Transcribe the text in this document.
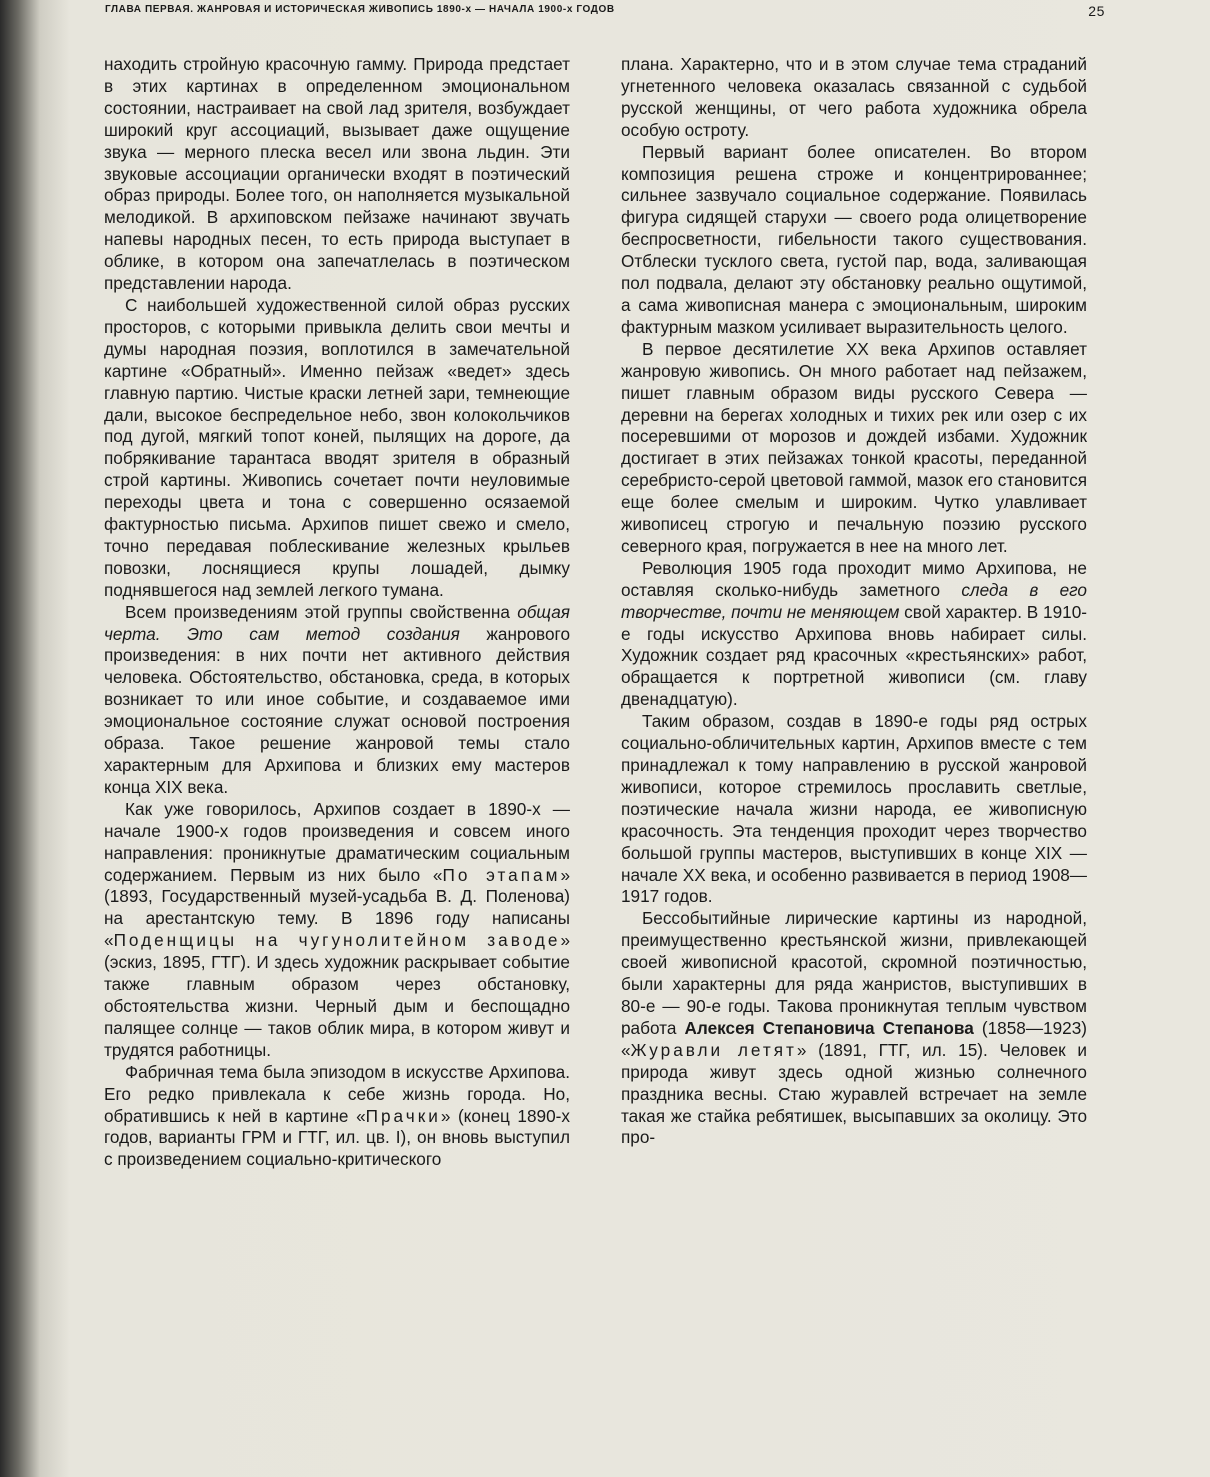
ГЛАВА ПЕРВАЯ. ЖАНРОВАЯ И ИСТОРИЧЕСКАЯ ЖИВОПИСЬ 1890-х — НАЧАЛА 1900-х ГОДОВ	25

находить стройную красочную гамму. Природа предстает в этих картинах в определенном эмоциональном состоянии, настраивает на свой лад зрителя, возбуждает широкий круг ассоциаций, вызывает даже ощущение звука — мерного плеска весел или звона льдин. Эти звуковые ассоциации органически входят в поэтический образ природы. Более того, он наполняется музыкальной мелодикой. В архиповском пейзаже начинают звучать напевы народных песен, то есть природа выступает в облике, в котором она запечатлелась в поэтическом представлении народа.

С наибольшей художественной силой образ русских просторов, с которыми привыкла делить свои мечты и думы народная поэзия, воплотился в замечательной картине «Обратный». Именно пейзаж «ведет» здесь главную партию. Чистые краски летней зари, темнеющие дали, высокое беспредельное небо, звон колокольчиков под дугой, мягкий топот коней, пылящих на дороге, да побрякивание тарантаса вводят зрителя в образный строй картины. Живопись сочетает почти неуловимые переходы цвета и тона с совершенно осязаемой фактурностью письма. Архипов пишет свежо и смело, точно передавая поблескивание железных крыльев повозки, лоснящиеся крупы лошадей, дымку поднявшегося над землей легкого тумана.

Всем произведениям этой группы свойственна общая черта. Это сам метод создания жанрового произведения: в них почти нет активного действия человека. Обстоятельство, обстановка, среда, в которых возникает то или иное событие, и создаваемое ими эмоциональное состояние служат основой построения образа. Такое решение жанровой темы стало характерным для Архипова и близких ему мастеров конца XIX века.

Как уже говорилось, Архипов создает в 1890-х — начале 1900-х годов произведения и совсем иного направления: проникнутые драматическим социальным содержанием. Первым из них было «По этапам» (1893, Государственный музей-усадьба В. Д. Поленова) на арестантскую тему. В 1896 году написаны «Поденщицы на чугунолитейном заводе» (эскиз, 1895, ГТГ). И здесь художник раскрывает событие также главным образом через обстановку, обстоятельства жизни. Черный дым и беспощадно палящее солнце — таков облик мира, в котором живут и трудятся работницы.

Фабричная тема была эпизодом в искусстве Архипова. Его редко привлекала к себе жизнь города. Но, обратившись к ней в картине «Прачки» (конец 1890-х годов, варианты ГРМ и ГТГ, ил. цв. I), он вновь выступил с произведением социально-критического

плана. Характерно, что и в этом случае тема страданий угнетенного человека оказалась связанной с судьбой русской женщины, от чего работа художника обрела особую остроту.

Первый вариант более описателен. Во втором композиция решена строже и концентрированнее; сильнее зазвучало социальное содержание. Появилась фигура сидящей старухи — своего рода олицетворение беспросветности, гибельности такого существования. Отблески тусклого света, густой пар, вода, заливающая пол подвала, делают эту обстановку реально ощутимой, а сама живописная манера с эмоциональным, широким фактурным мазком усиливает выразительность целого.

В первое десятилетие XX века Архипов оставляет жанровую живопись. Он много работает над пейзажем, пишет главным образом виды русского Севера — деревни на берегах холодных и тихих рек или озер с их посеревшими от морозов и дождей избами. Художник достигает в этих пейзажах тонкой красоты, переданной серебристо-серой цветовой гаммой, мазок его становится еще более смелым и широким. Чутко улавливает живописец строгую и печальную поэзию русского северного края, погружается в нее на много лет.

Революция 1905 года проходит мимо Архипова, не оставляя сколько-нибудь заметного следа в его творчестве, почти не меняющем свой характер. В 1910-е годы искусство Архипова вновь набирает силы. Художник создает ряд красочных «крестьянских» работ, обращается к портретной живописи (см. главу двенадцатую).

Таким образом, создав в 1890-е годы ряд острых социально-обличительных картин, Архипов вместе с тем принадлежал к тому направлению в русской жанровой живописи, которое стремилось прославить светлые, поэтические начала жизни народа, ее живописную красочность. Эта тенденция проходит через творчество большой группы мастеров, выступивших в конце XIX — начале XX века, и особенно развивается в период 1908—1917 годов.

Бессобытийные лирические картины из народной, преимущественно крестьянской жизни, привлекающей своей живописной красотой, скромной поэтичностью, были характерны для ряда жанристов, выступивших в 80-е — 90-е годы. Такова проникнутая теплым чувством работа Алексея Степановича Степанова (1858—1923) «Журавли летят» (1891, ГТГ, ил. 15). Человек и природа живут здесь одной жизнью солнечного праздника весны. Стаю журавлей встречает на земле такая же стайка ребятишек, высыпавших за околицу. Это про-
